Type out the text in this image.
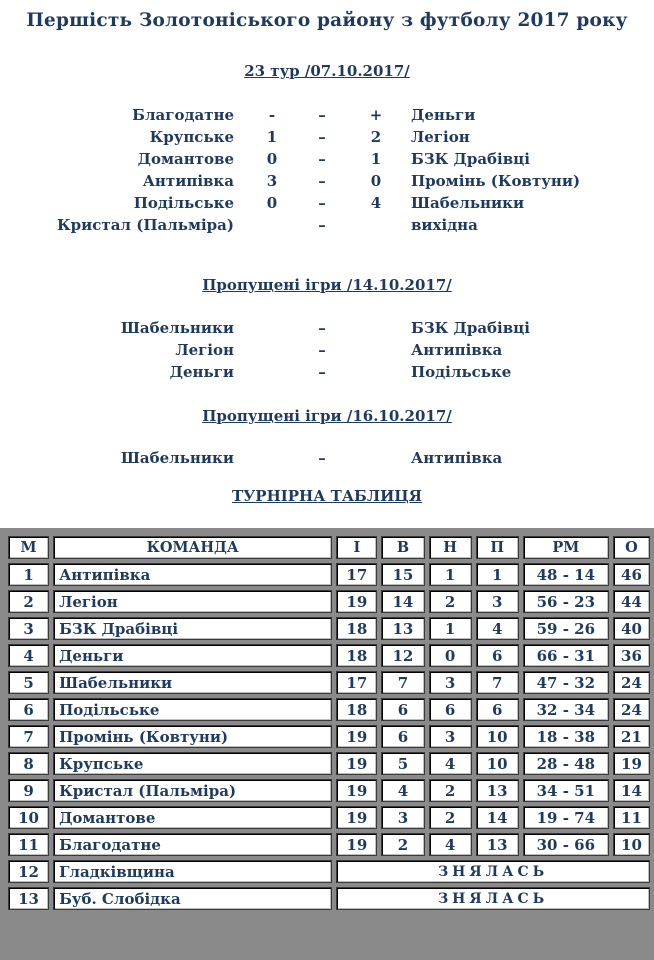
Першість Золотоніського району з футболу 2017 року
23 тур /07.10.2017/
Благодатне	-	–	+ Деньги
Крупське	1	–	2	Легіон
Домантове	0	–	1	БЗК Драбівці
Антипівка	3	–	0	Промінь (Ковтуни)
Подільське	0	–	4	Шабельники
Кристал (Пальміра)	–	вихідна
Пропущені ігри /14.10.2017/
Шабельники	–	БЗК Драбівці
Легіон	–	Антипівка
Деньги	–	Подільське
Пропущені ігри /16.10.2017/
Шабельники	–	Антипівка
ТУРНІРНА ТАБЛИЦЯ
М	КОМАНДА	І	В	Н	П	РМ	О
1	Антипівка	17	15	1	1	48 - 14	46
2	Легіон	19	14	2	3	56 - 23	44
3	БЗК Драбівці	18	13	1	4	59 - 26	40
4	Деньги	18	12	0	6	66 - 31	36
5	Шабельники	17	7	3	7	47 - 32	24
6	Подільське	18	6	6	6	32 - 34	24
7	Промінь (Ковтуни)	19	6	3	10	18 - 38	21
8	Крупське	19	5	4	10	28 - 48	19
9	Кристал (Пальміра)	19	4	2	13	34 - 51	14
10	Домантове	19	3	2	14	19 - 74	11
11	Благодатне	19	2	4	13	30 - 66	10
12	Гладківщина	ЗНЯЛАСЬ					
13	Буб. Слобідка	ЗНЯЛАСЬ					
